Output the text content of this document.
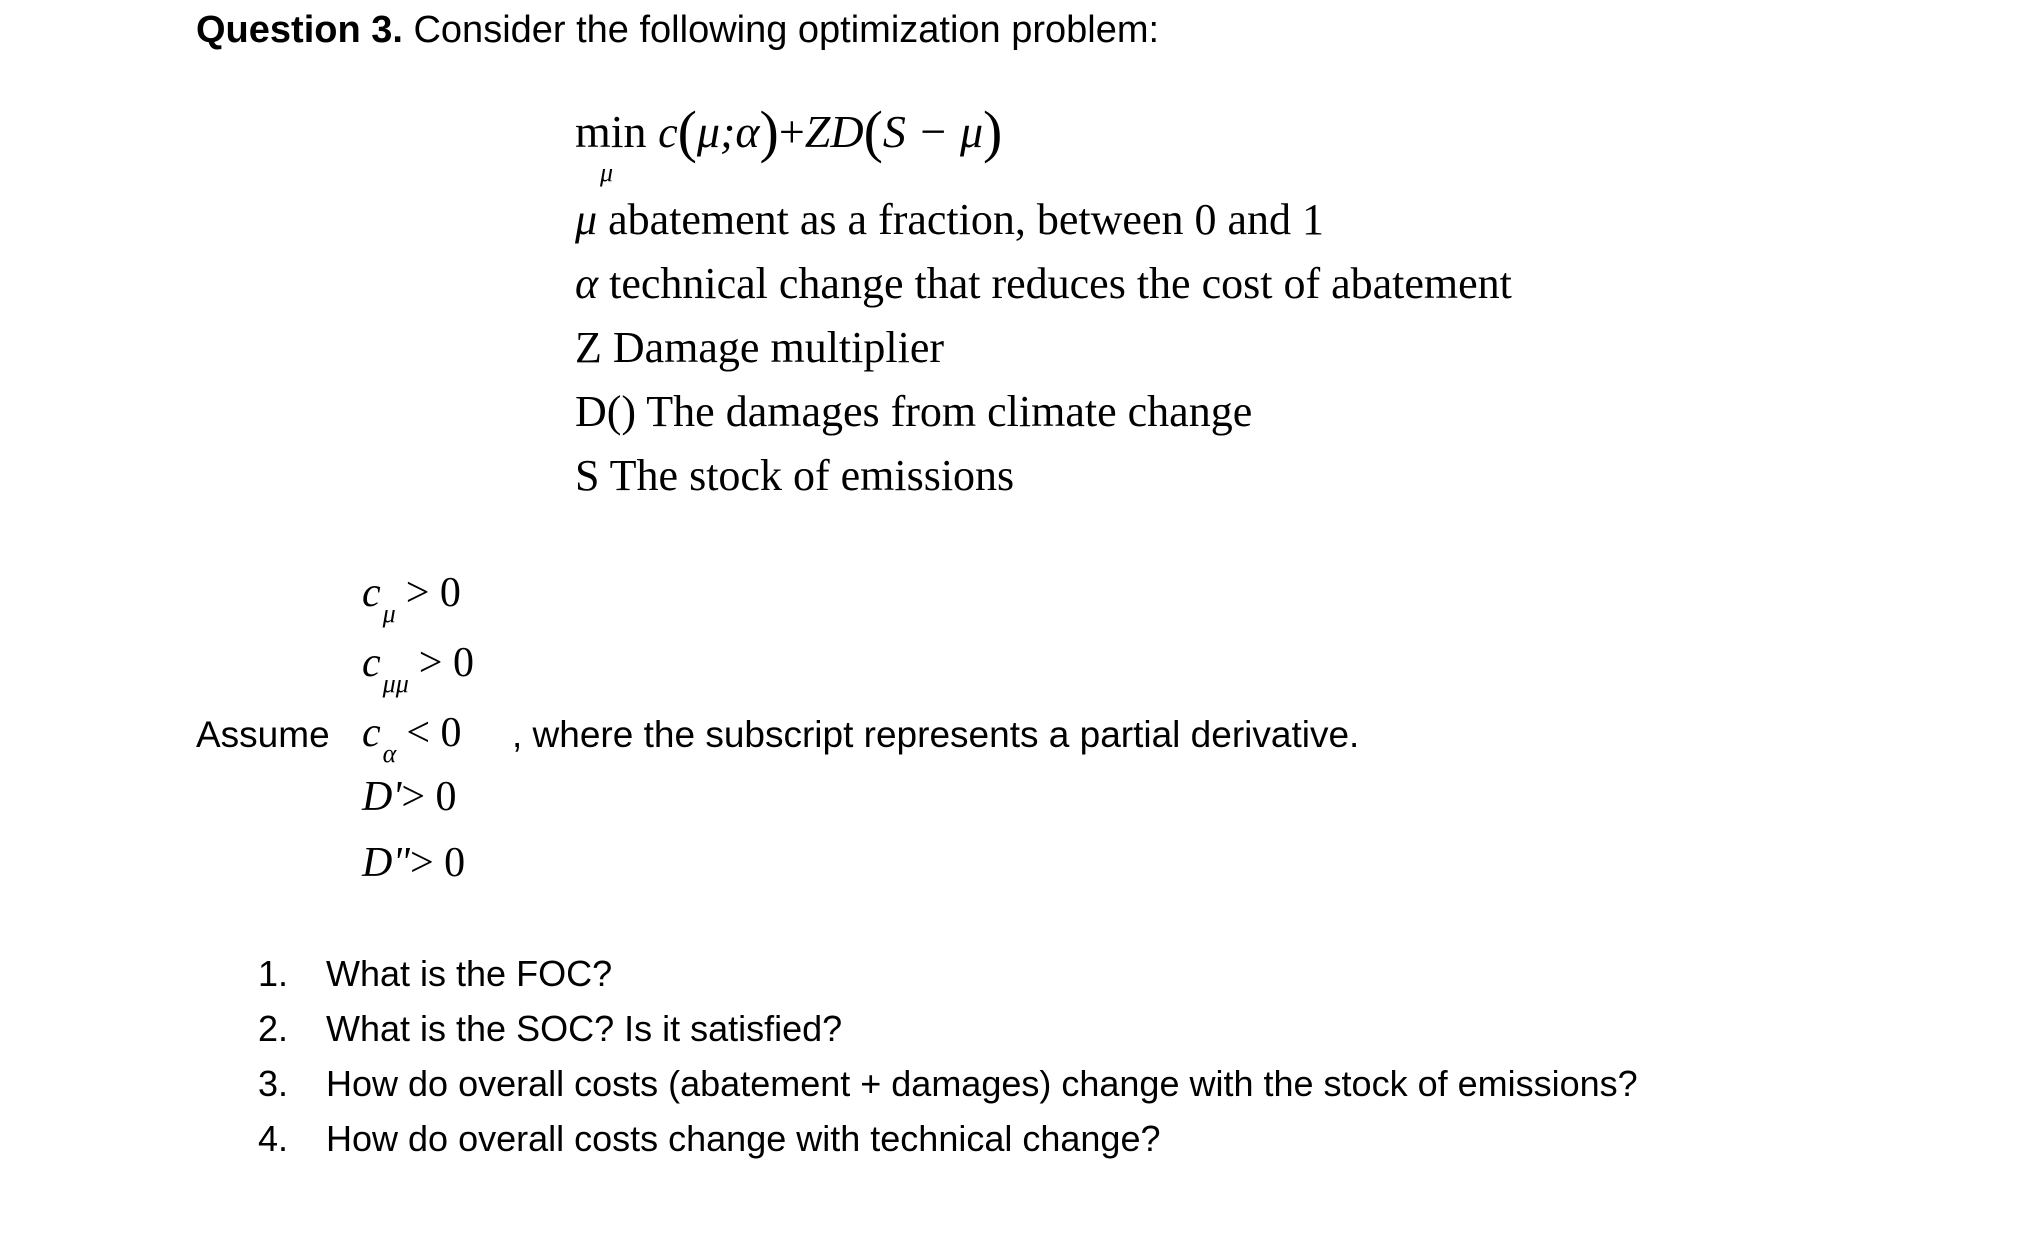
Question 3. Consider the following optimization problem:
min c(μ;α)+ZD(S − μ)
μ
μ abatement as a fraction, between 0 and 1
α technical change that reduces the cost of abatement
Z Damage multiplier
D() The damages from climate change
S The stock of emissions
$c_\mu > 0$
$c_{\mu\mu} > 0$
$c_\alpha < 0$
D'> 0
D"> 0
Assume	, where the subscript represents a partial derivative.
1. What is the FOC?
2. What is the SOC? Is it satisfied?
3. How do overall costs (abatement + damages) change with the stock of emissions?
4. How do overall costs change with technical change?
